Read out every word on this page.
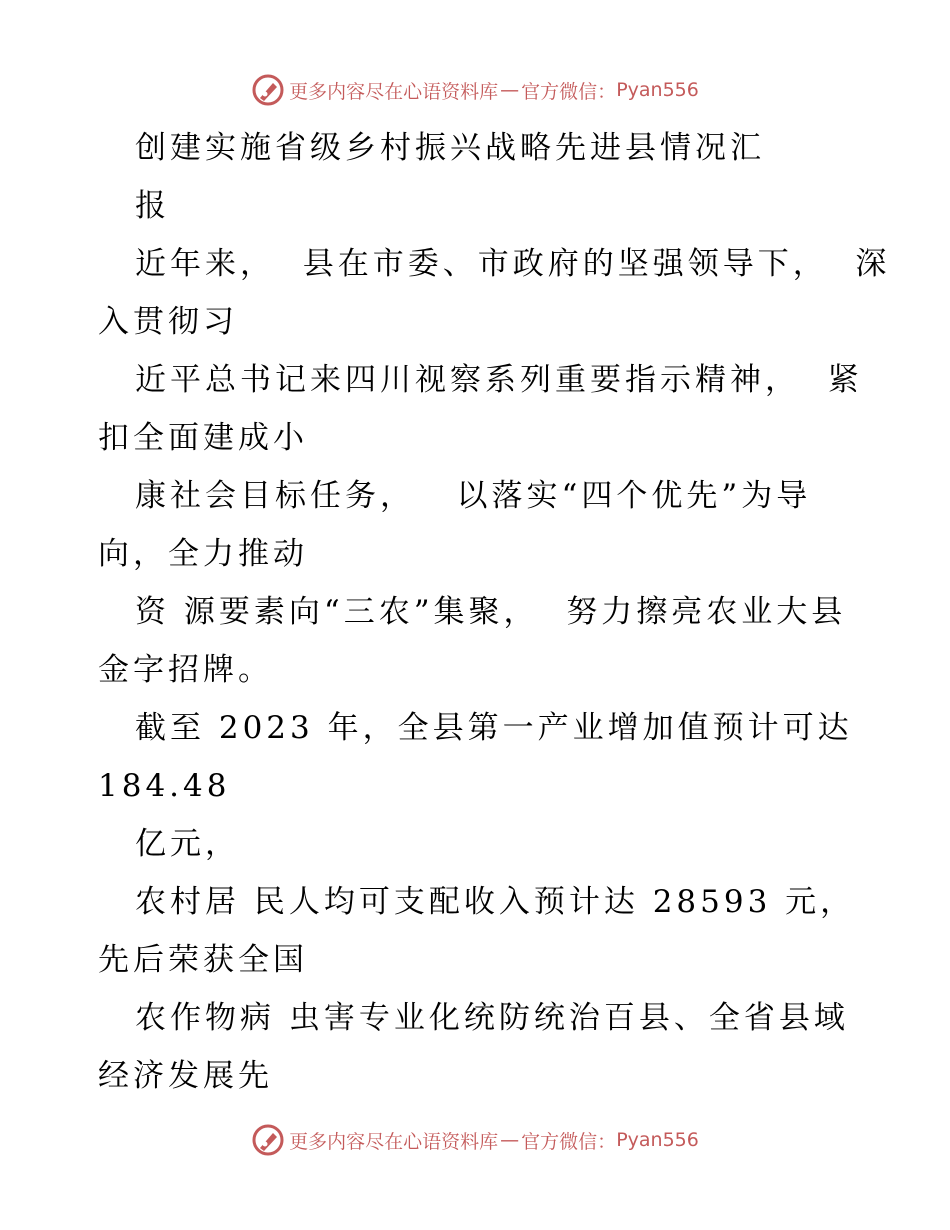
更多内容尽在心语资料库 — 官方微信： Pyan556
创建实施省级乡村振兴战略先进县情况汇
报
近年来，  县在市委、市政府的坚强领导下，  深
入贯彻习
近平总书记来四川视察系列重要指示精神，  紧
扣全面建成小
康社会目标任务，   以落实“四个优先”为导
向，全力推动
资 源要素向“三农”集聚，  努力擦亮农业大县
金字招牌。
截至 2023 年，全县第一产业增加值预计可达
184.48
亿元，
农村居 民人均可支配收入预计达 28593 元，
先后荣获全国
农作物病 虫害专业化统防统治百县、全省县域
经济发展先
更多内容尽在心语资料库 — 官方微信： Pyan556
